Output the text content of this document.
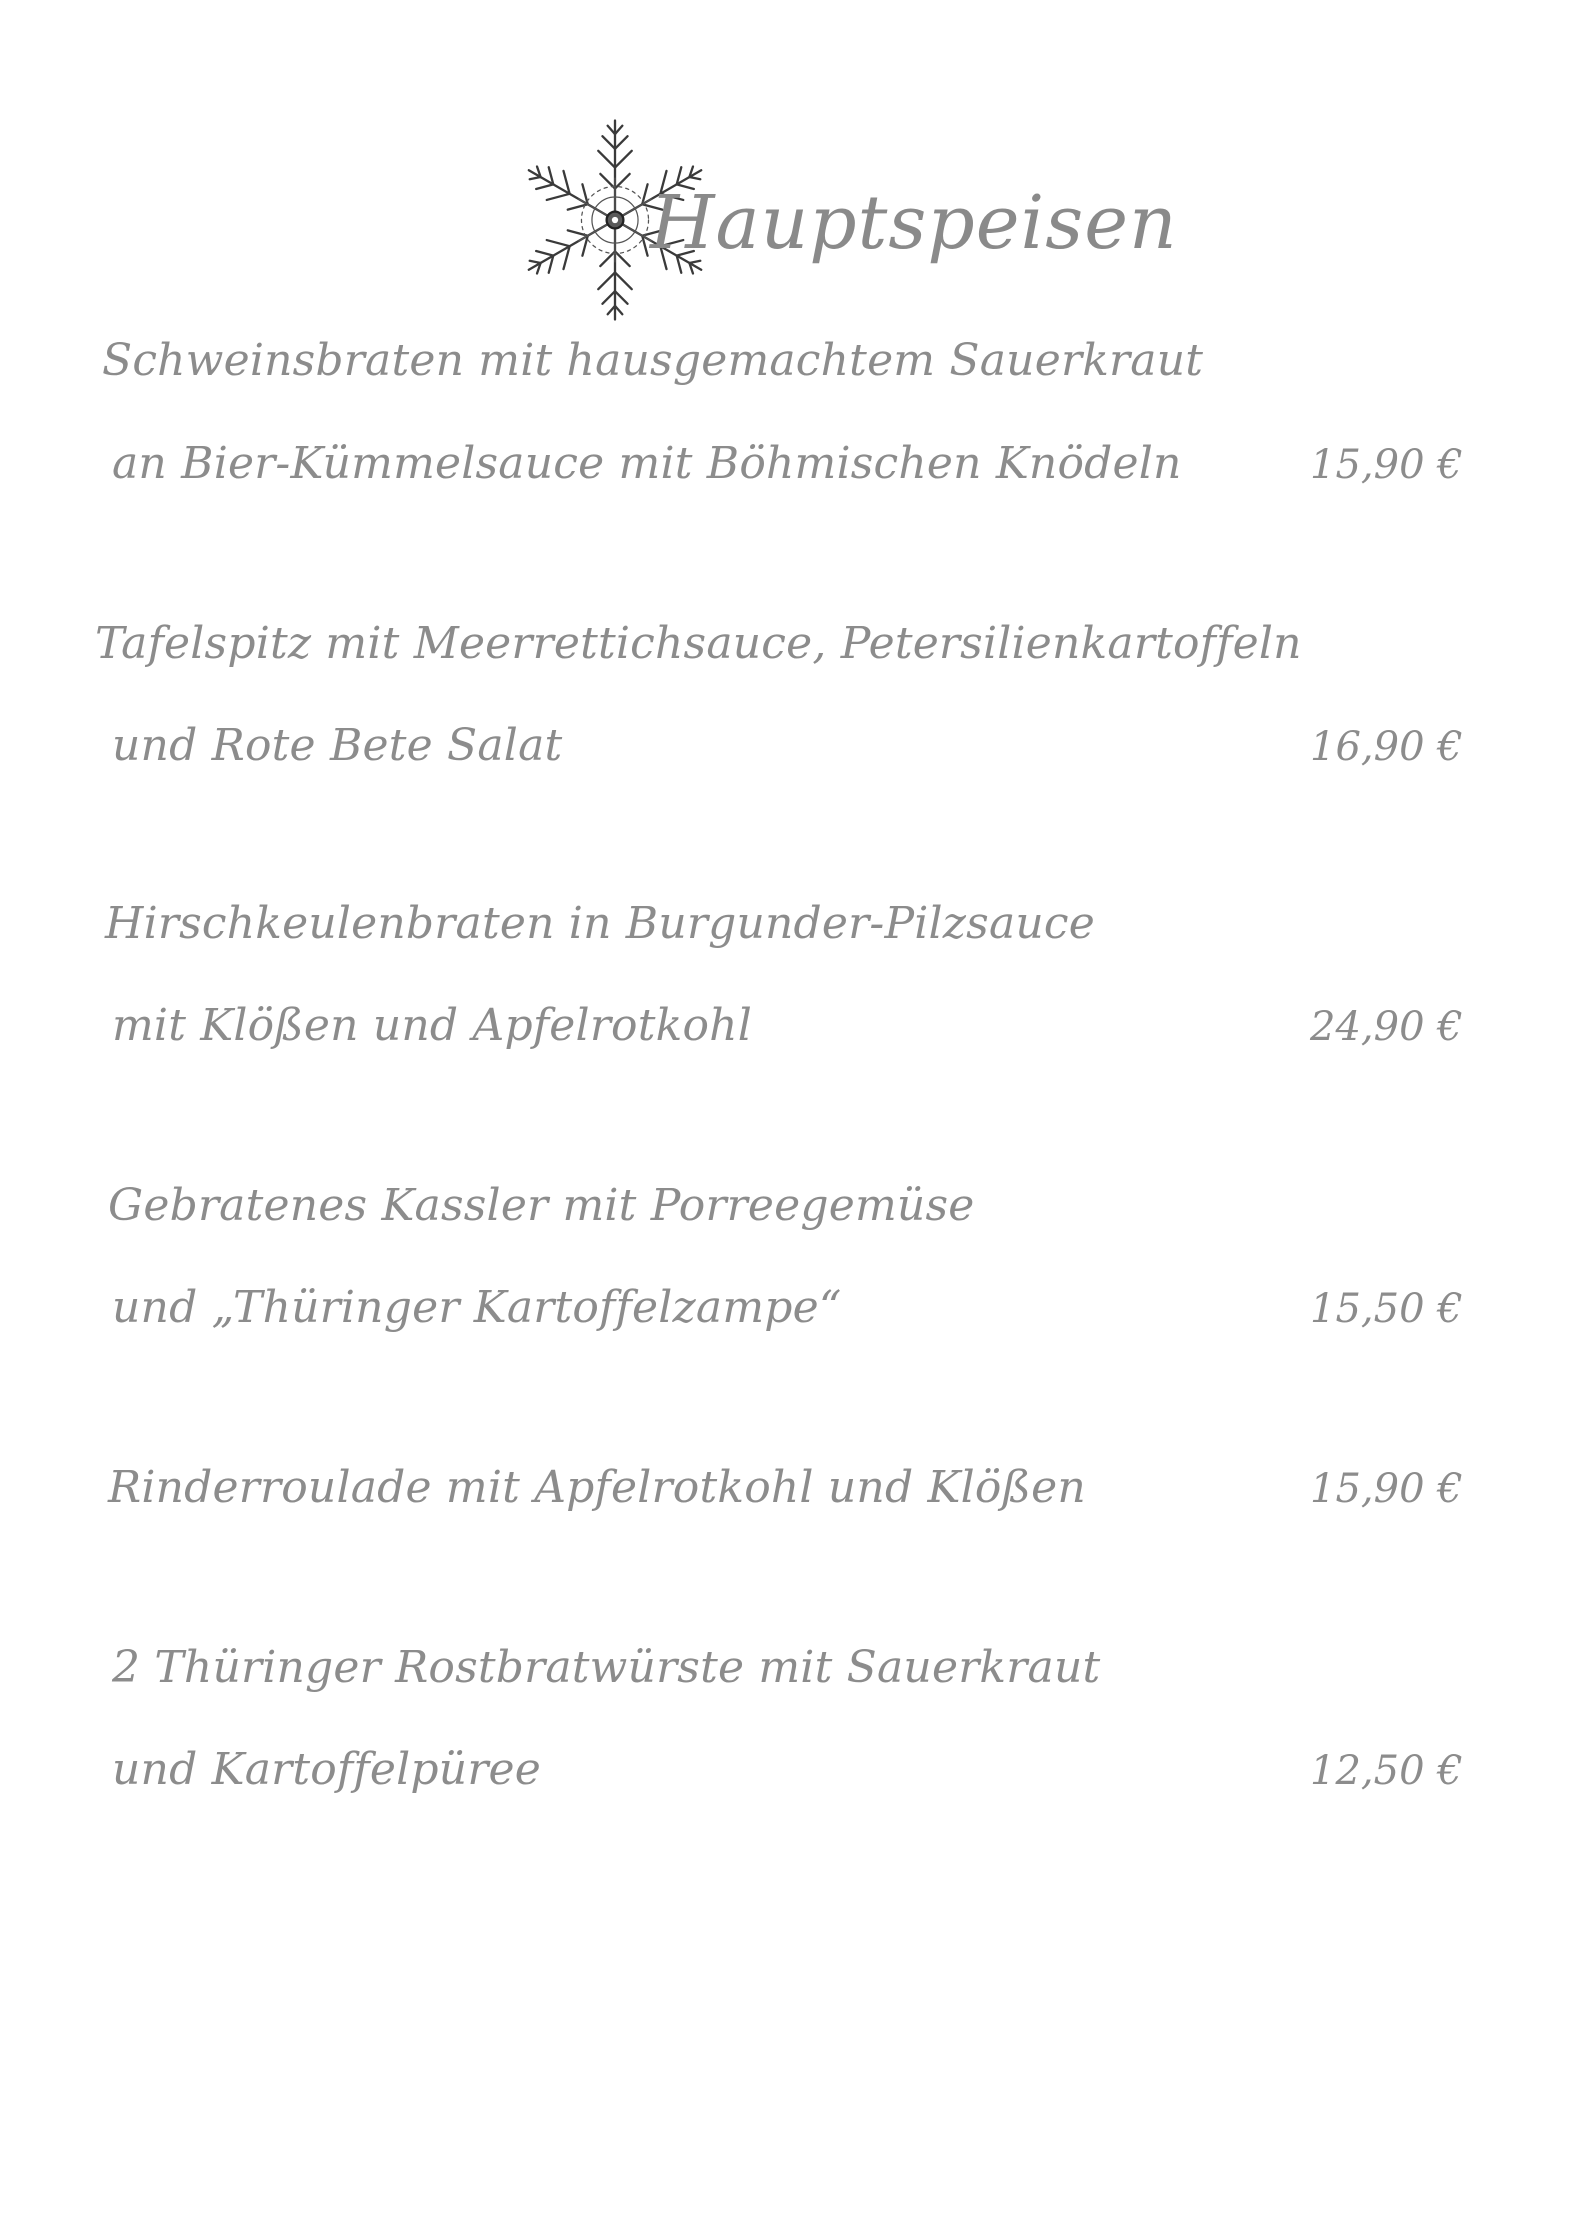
Hauptspeisen
Schweinsbraten mit hausgemachtem Sauerkraut
an Bier-Kümmelsauce mit Böhmischen Knödeln	15,90 €
Tafelspitz mit Meerrettichsauce, Petersilienkartoffeln
und Rote Bete Salat	16,90 €
Hirschkeulenbraten in Burgunder-Pilzsauce
mit Klößen und Apfelrotkohl	24,90 €
Gebratenes Kassler mit Porreegemüse
und „Thüringer Kartoffelzampe“	15,50 €
Rinderroulade mit Apfelrotkohl und Klößen	15,90 €
2 Thüringer Rostbratwürste mit Sauerkraut
und Kartoffelpüree	12,50 €
